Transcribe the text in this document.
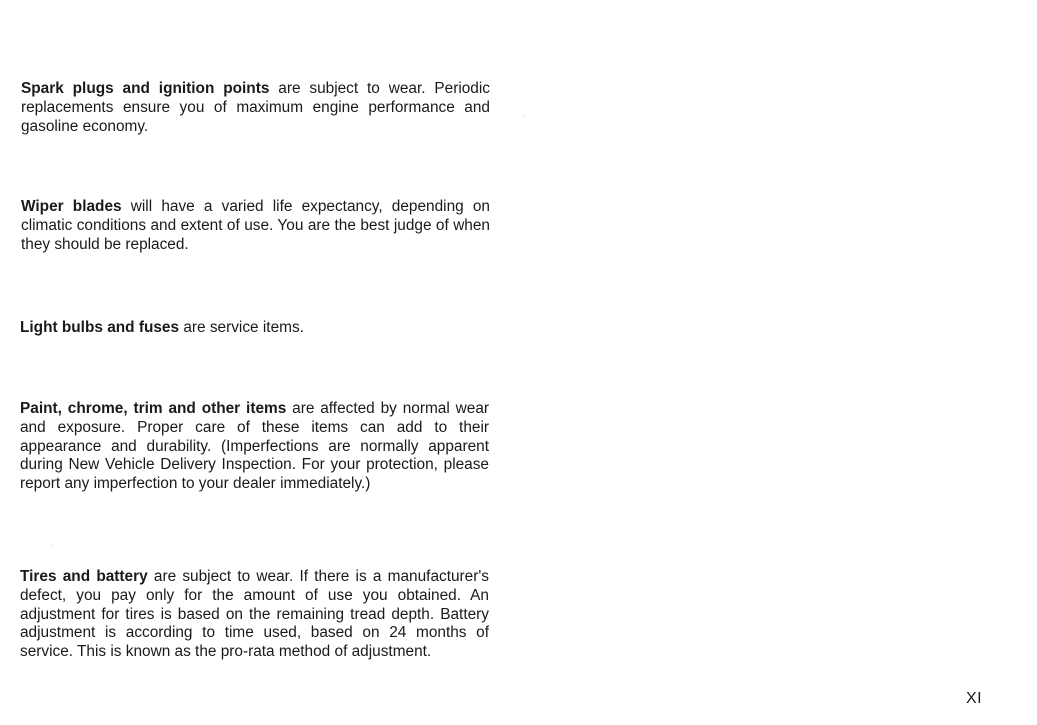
Spark plugs and ignition points are subject to wear. Periodic replacements ensure you of maximum engine performance and gasoline economy.

Wiper blades will have a varied life expectancy, depending on climatic conditions and extent of use. You are the best judge of when they should be replaced.

Light bulbs and fuses are service items.

Paint, chrome, trim and other items are affected by normal wear and exposure. Proper care of these items can add to their appearance and durability. (Imperfections are normally apparent during New Vehicle Delivery Inspection. For your protection, please report any imperfection to your dealer immediately.)

Tires and battery are subject to wear. If there is a manufacturer's defect, you pay only for the amount of use you obtained. An adjustment for tires is based on the remaining tread depth. Battery adjustment is according to time used, based on 24 months of service. This is known as the pro-rata method of adjustment.

XI
